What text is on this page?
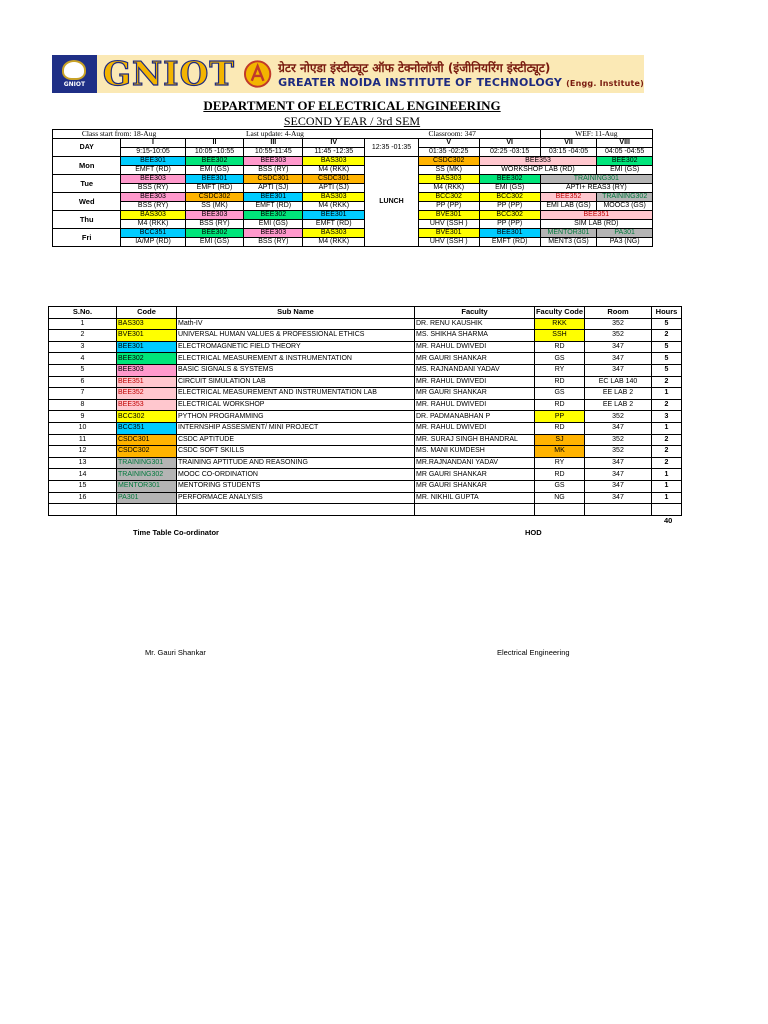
GNIOT GNIOT	ग्रेटर नोएडा इंस्टीट्यूट ऑफ टेक्नोलॉजी (इंजीनियरिंग इंस्टीट्यूट)
GREATER NOIDA INSTITUTE OF TECHNOLOGY (Engg. Institute)
DEPARTMENT OF ELECTRICAL ENGINEERING
SECOND YEAR / 3rd SEM
Class start from: 18-Aug		Last update: 4-Aug			Classroom: 347			WEF: 11-Aug	
DAY	I	II	III	IV	12:35 -01:35	V	VI	VII	VIII
	9:15-10:05	10:05 -10:55	10:55-11:45	11:45 -12:35		01:35 -02:25	02:25 -03:15	03:15 -04:05	04:05 -04:55
Mon	BEE301	BEE302	BEE303	BAS303	LUNCH	CSDC302	BEE353		BEE302
	EMFT (RD)	EMI (GS)	BSS (RY)	M4 (RKK)		SS (MK)	WORKSHOP LAB (RD)		EMI (GS)
Tue	BEE303	BEE301	CSDC301	CSDC301		BAS303	BEE302	TRAINING301	
	BSS (RY)	EMFT (RD)	APTI (SJ)	APTI (SJ)		M4 (RKK)	EMI (GS)	APTI+ REAS3 (RY)	
Wed	BEE303	CSDC302	BEE301	BAS303		BCC302	BCC302	BEE352	TRAINING302
	BSS (RY)	SS (MK)	EMFT (RD)	M4 (RKK)		PP (PP)	PP (PP)	EMI LAB (GS)	MOOC3 (GS)
Thu	BAS303	BEE303	BEE302	BEE301		BVE301	BCC302	BEE351	
	M4 (RKK)	BSS (RY)	EMI (GS)	EMFT (RD)		UHV (SSH )	PP (PP)	SIM LAB (RD)	
Fri	BCC351	BEE302	BEE303	BAS303		BVE301	BEE301	MENTOR301	PA301
	IA/MP (RD)	EMI (GS)	BSS (RY)	M4 (RKK)		UHV (SSH )	EMFT (RD)	MENT3 (GS)	PA3 (NG)
S.No.	Code	Sub Name	Faculty	Faculty Code	Room	Hours
1	BAS303	Math-IV	DR. RENU KAUSHIK	RKK	352	5
2	BVE301	UNIVERSAL HUMAN VALUES & PROFESSIONAL ETHICS	MS. SHIKHA SHARMA	SSH	352	2
3	BEE301	ELECTROMAGNETIC FIELD THEORY	MR. RAHUL DWIVEDI	RD	347	5
4	BEE302	ELECTRICAL MEASUREMENT & INSTRUMENTATION	MR GAURI SHANKAR	GS	347	5
5	BEE303	BASIC SIGNALS & SYSTEMS	MS. RAJNANDANI YADAV	RY	347	5
6	BEE351	CIRCUIT SIMULATION LAB	MR. RAHUL DWIVEDI	RD	EC LAB 140	2
7	BEE352	ELECTRICAL MEASUREMENT AND INSTRUMENTATION LAB	MR GAURI SHANKAR	GS	EE LAB 2	1
8	BEE353	ELECTRICAL WORKSHOP	MR. RAHUL DWIVEDI	RD	EE LAB 2	2
9	BCC302	PYTHON PROGRAMMING	DR. PADMANABHAN P	PP	352	3
10	BCC351	INTERNSHIP ASSESMENT/ MINI PROJECT	MR. RAHUL DWIVEDI	RD	347	1
11	CSDC301	CSDC APTITUDE	MR. SURAJ SINGH BHANDRAL	SJ	352	2
12	CSDC302	CSDC SOFT SKILLS	MS. MANI KUMDESH	MK	352	2
13	TRAINING301	TRAINING APTITUDE AND REASONING	MR.RAJNANDANI YADAV	RY	347	2
14	TRAINING302	MOOC CO-ORDINATION	MR GAURI SHANKAR	RD	347	1
15	MENTOR301	MENTORING STUDENTS	MR GAURI SHANKAR	GS	347	1
16	PA301	PERFORMACE ANALYSIS	MR. NIKHIL GUPTA	NG	347	1

40
Time Table Co-ordinator	HOD
Mr. Gauri Shankar	Electrical Engineering
